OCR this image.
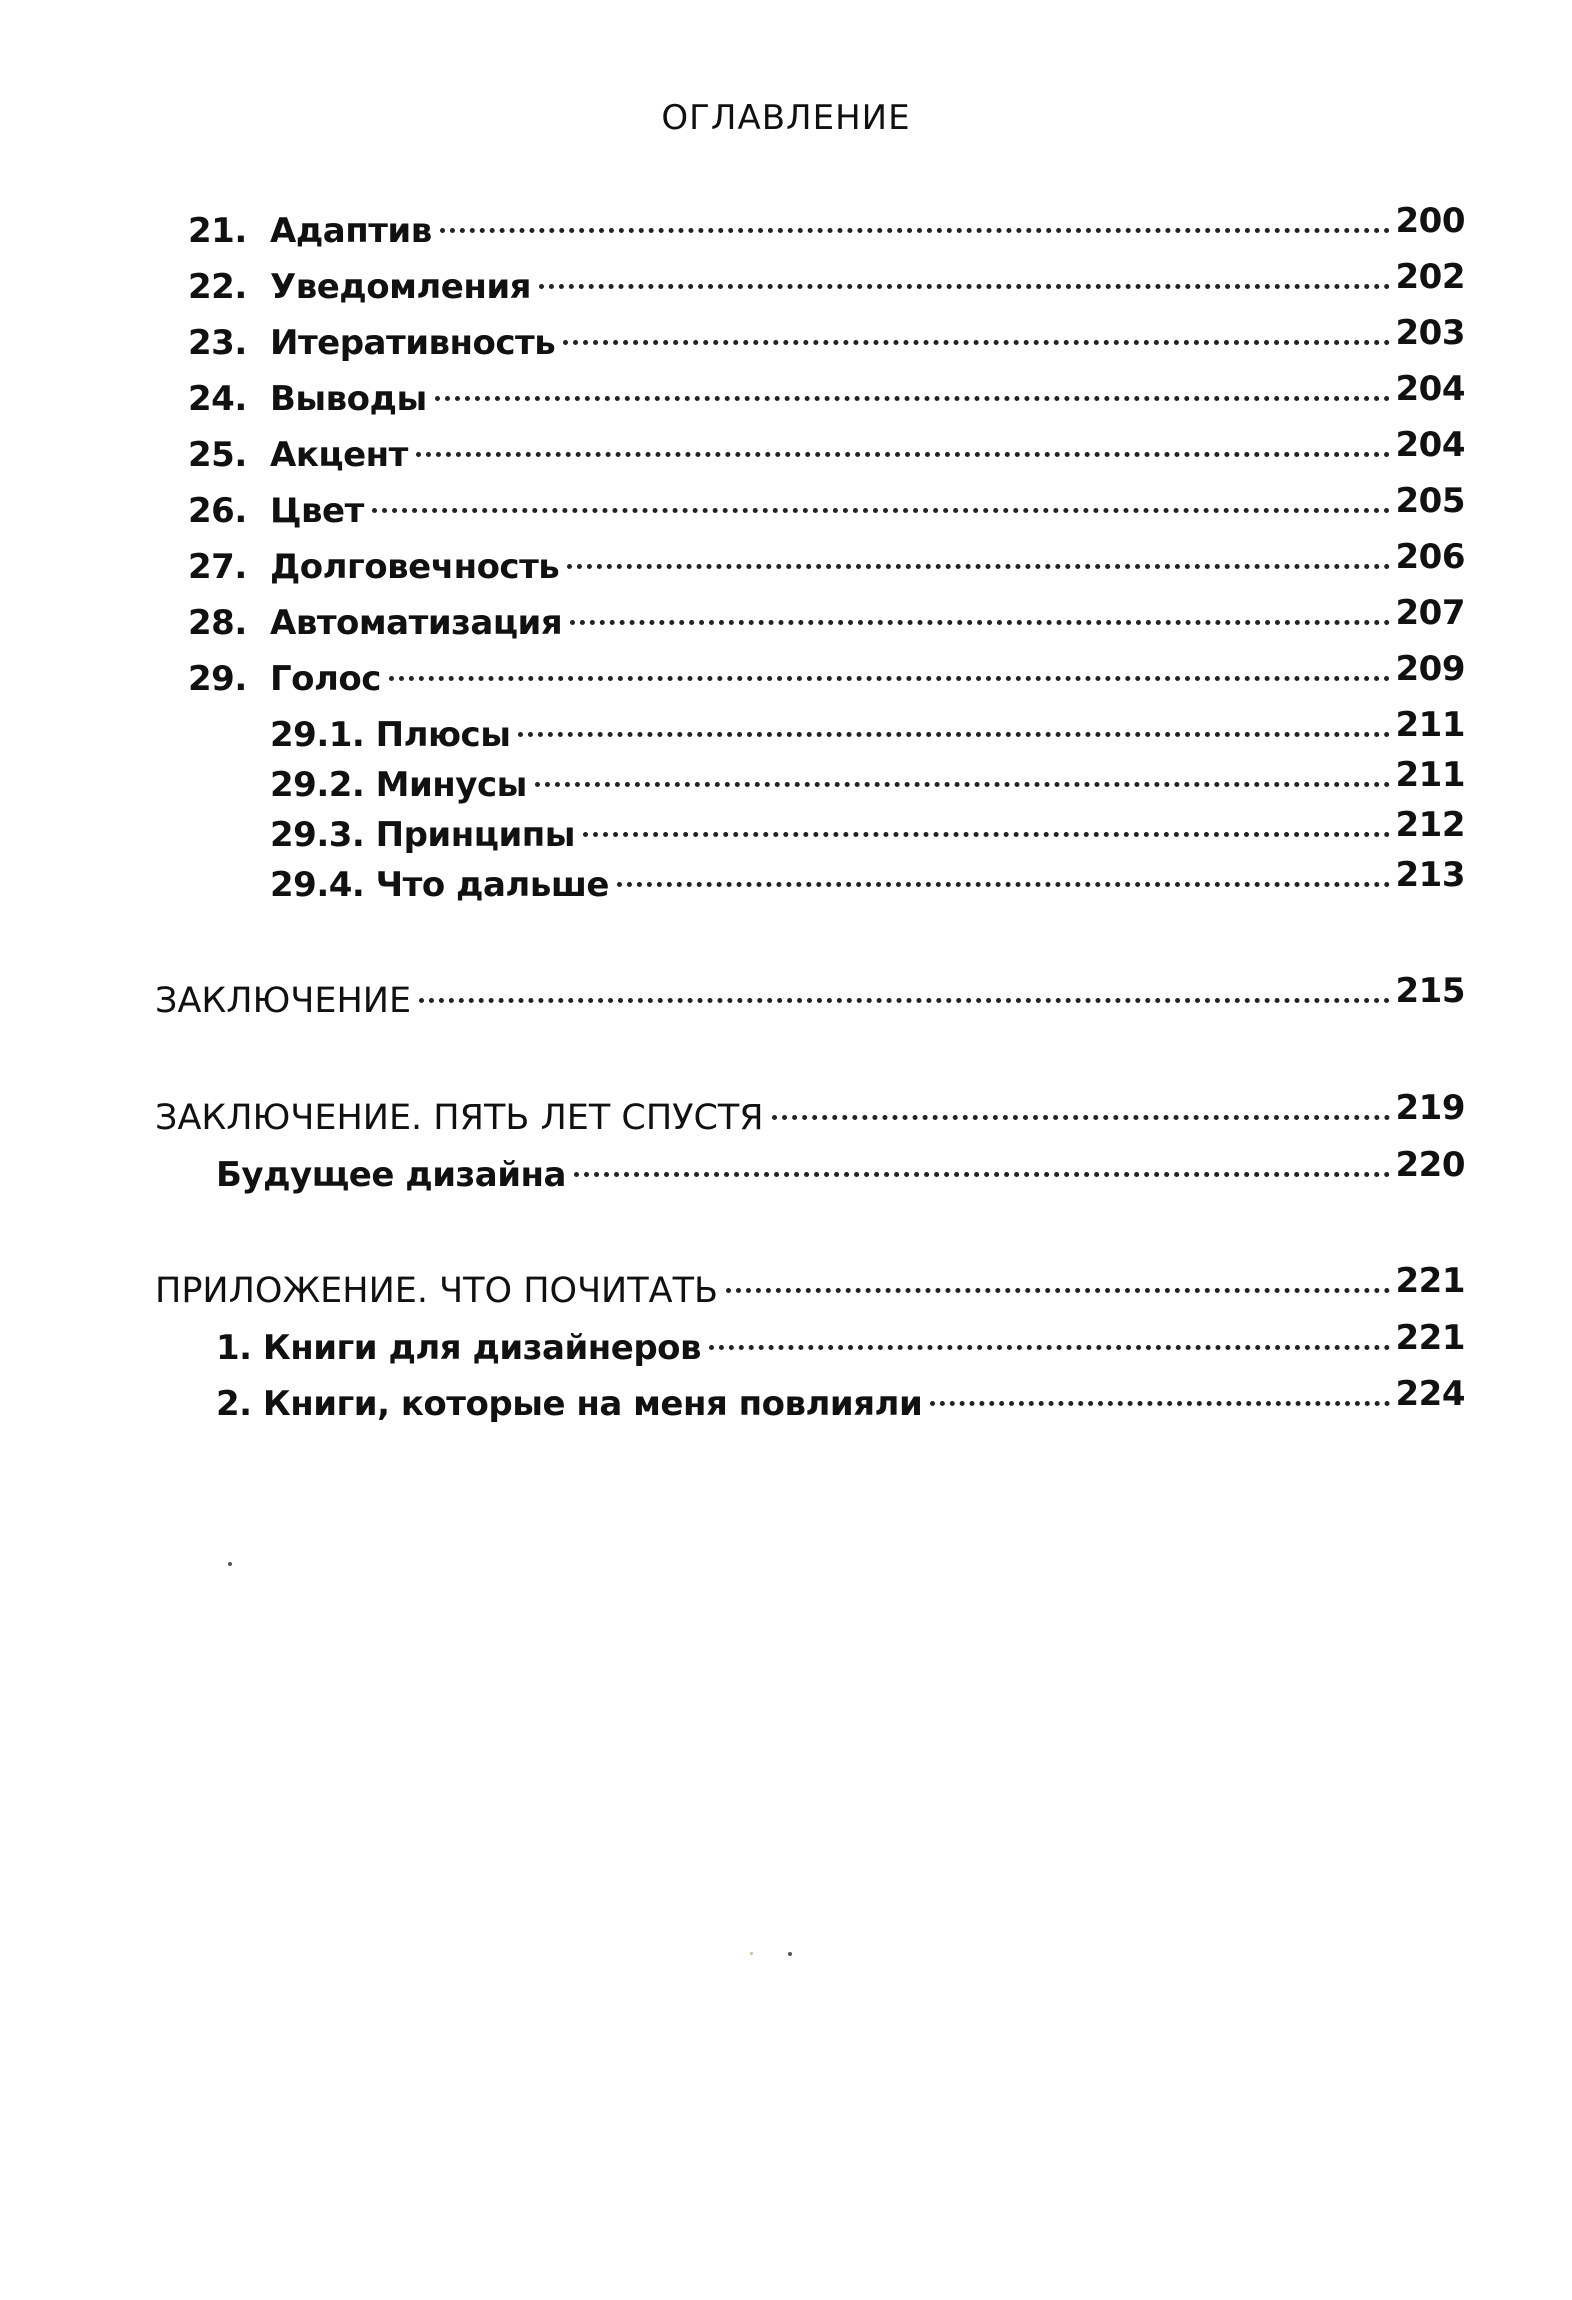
ОГЛАВЛЕНИЕ
21. Адаптив	200
22. Уведомления	202
23. Итеративность	203
24. Выводы	204
25. Акцент	204
26. Цвет	205
27. Долговечность	206
28. Автоматизация	207
29. Голос	209
29.1. Плюсы	211
29.2. Минусы	211
29.3. Принципы	212
29.4. Что дальше	213
ЗАКЛЮЧЕНИЕ	215
ЗАКЛЮЧЕНИЕ. ПЯТЬ ЛЕТ СПУСТЯ	219
Будущее дизайна	220
ПРИЛОЖЕНИЕ. ЧТО ПОЧИТАТЬ	221
1. Книги для дизайнеров	221
2. Книги, которые на меня повлияли	224
